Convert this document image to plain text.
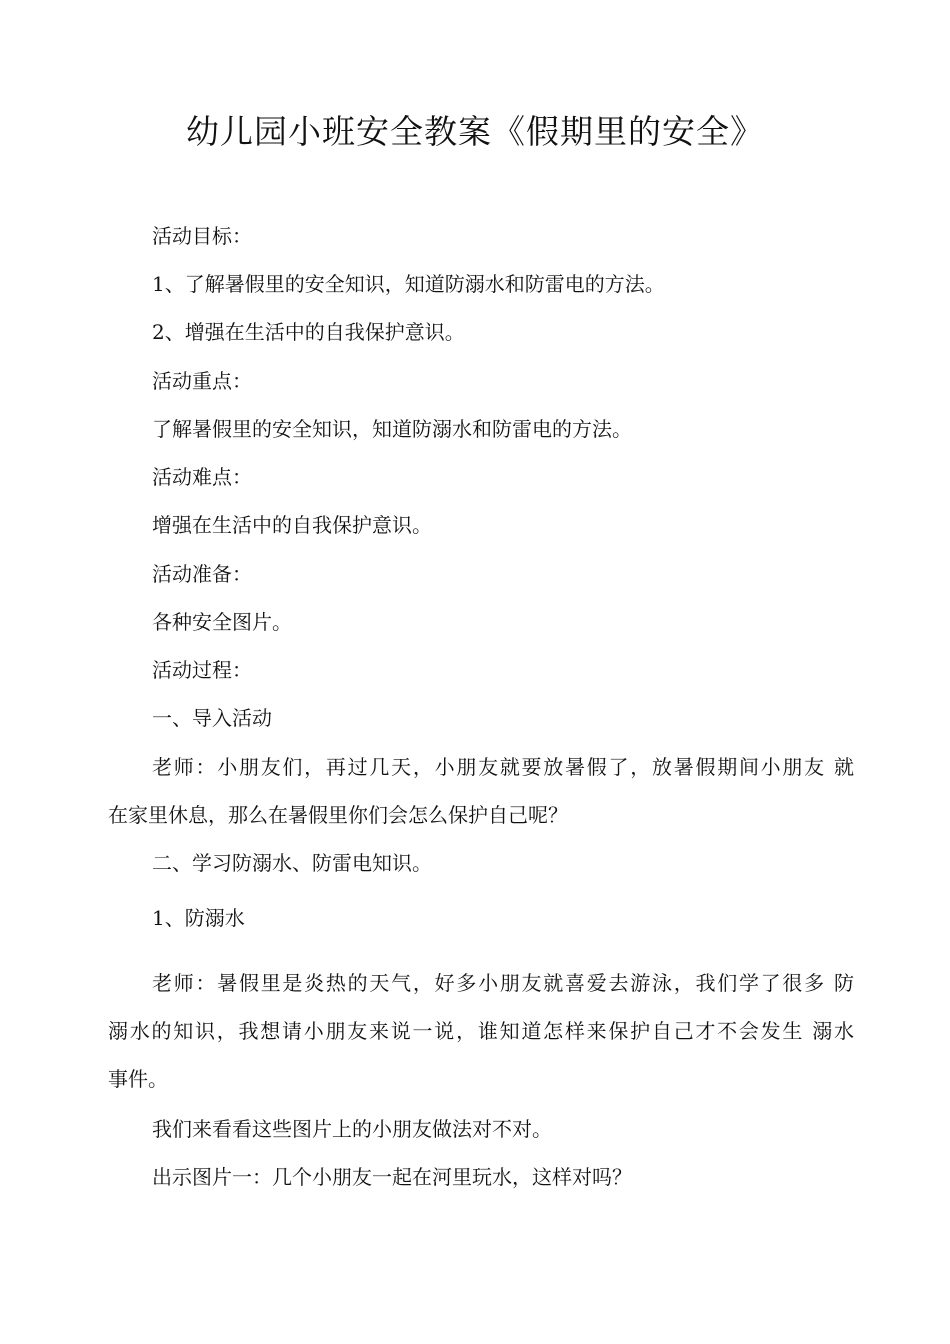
幼儿园小班安全教案《假期里的安全》

活动目标：

1、了解暑假里的安全知识，知道防溺水和防雷电的方法。

2、增强在生活中的自我保护意识。

活动重点：

了解暑假里的安全知识，知道防溺水和防雷电的方法。

活动难点：

增强在生活中的自我保护意识。

活动准备：

各种安全图片。

活动过程：

一、导入活动

老师：小朋友们，再过几天，小朋友就要放暑假了，放暑假期间小朋友 就

在家里休息，那么在暑假里你们会怎么保护自己呢？

二、学习防溺水、防雷电知识。

1、防溺水

老师：暑假里是炎热的天气，好多小朋友就喜爱去游泳，我们学了很多 防

溺水的知识，我想请小朋友来说一说，谁知道怎样来保护自己才不会发生 溺水

事件。

我们来看看这些图片上的小朋友做法对不对。

出示图片一：几个小朋友一起在河里玩水，这样对吗？
